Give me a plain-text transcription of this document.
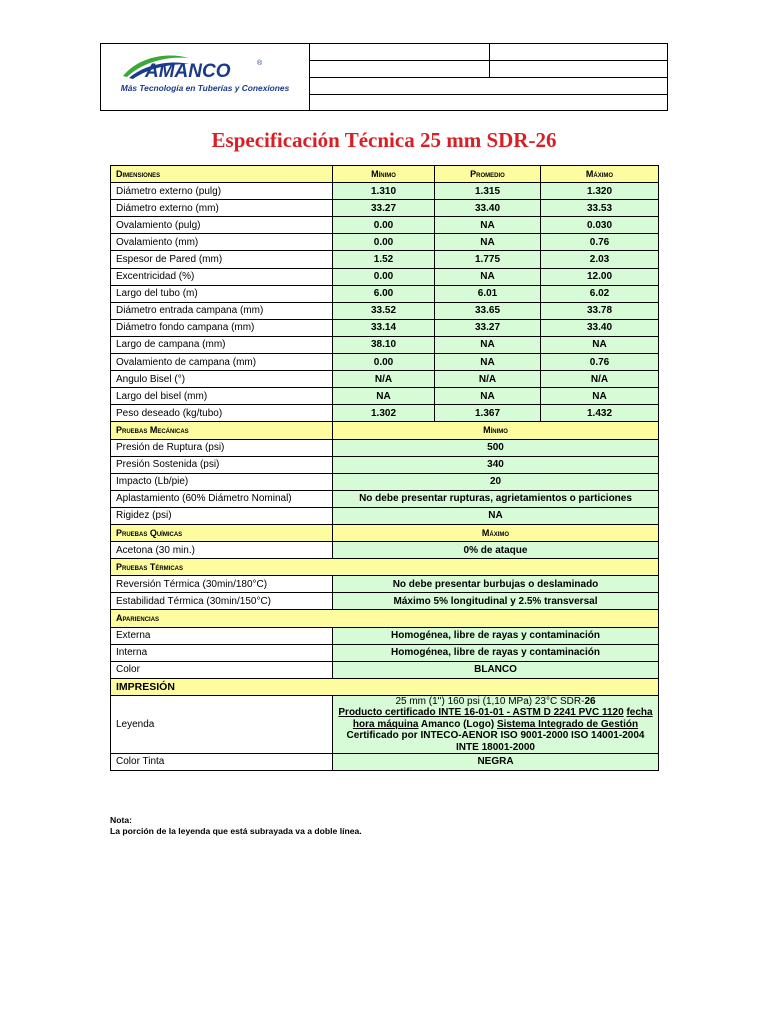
AMANCO	®
Más Tecnología en Tuberías y Conexiones
Especificación Técnica 25 mm SDR-26
Dimensiones	Mínimo	Promedio	Máximo
Diámetro externo (pulg)	1.310	1.315	1.320
Diámetro externo (mm)	33.27	33.40	33.53
Ovalamiento (pulg)	0.00	NA	0.030
Ovalamiento (mm)	0.00	NA	0.76
Espesor de Pared (mm)	1.52	1.775	2.03
Excentricidad (%)	0.00	NA	12.00
Largo del tubo (m)	6.00	6.01	6.02
Diámetro entrada campana (mm)	33.52	33.65	33.78
Diámetro fondo campana (mm)	33.14	33.27	33.40
Largo de campana (mm)	38.10	NA	NA
Ovalamiento de campana (mm)	0.00	NA	0.76
Angulo Bisel (°)	N/A	N/A	N/A
Largo del bisel (mm)	NA	NA	NA
Peso deseado (kg/tubo)	1.302	1.367	1.432
Pruebas Mecánicas	Mínimo		
Presión de Ruptura (psi)	500		
Presión Sostenida (psi)	340		
Impacto (Lb/pie)	20		
Aplastamiento (60% Diámetro Nominal)	No debe presentar rupturas, agrietamientos o particiones		
Rigidez (psi)	NA		
Pruebas Químicas	Máximo		
Acetona (30 min.)	0% de ataque		
Pruebas Térmicas			
Reversión Térmica (30min/180°C)	No debe presentar burbujas o deslaminado		
Estabilidad Térmica (30min/150°C)	Máximo 5% longitudinal y 2.5% transversal		
Apariencias			
Externa	Homogénea, libre de rayas y contaminación		
Interna	Homogénea, libre de rayas y contaminación		
Color	BLANCO		
IMPRESIÓN			
Leyenda	25 mm (1'') 160 psi (1,10 MPa) 23°C SDR-26
Producto certificado INTE 16-01-01 - ASTM D 2241 PVC 1120 fecha hora máquina Amanco (Logo) Sistema Integrado de Gestión Certificado por INTECO-AENOR ISO 9001-2000 ISO 14001-2004 INTE 18001-2000		
Color Tinta	NEGRA		
Nota:
La porción de la leyenda que está subrayada va a doble línea.
